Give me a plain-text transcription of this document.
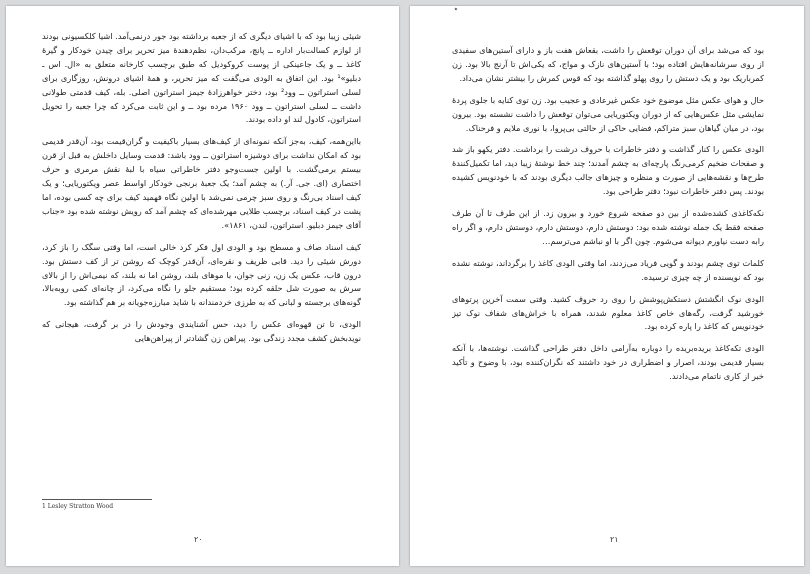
شیئی زیبا بود که با اشیای دیگری که از جعبه برداشته بود جور درنمی‌آمد. اشیا کلکسیونی بودند از لوازم کسالت‌بار اداره ــ پانچ، مرکب‌دان، نظم‌دهندهٔ میز تحریر برای چیدن خودکار و گیرهٔ کاغذ ــ و یک جاعینکی از پوست کروکودیل که طبق برچسب کارخانه متعلق به «ال. اس ـ دبلیو»¹ بود. این اتفاق به الودی می‌گفت که میز تحریر، و همهٔ اشیای درونش، روزگاری برای لسلی استراتون ــ وود² بود، دختر خواهرزادهٔ جیمز استراتون اصلی. بله، کیف قدمتی طولانی داشت ــ لسلی استراتون ــ وود ۱۹۶۰ مرده بود ــ و این ثابت می‌کرد که چرا جعبه را تحویل استراتون، کادول لند او داده بودند.

بااین‌همه، کیف، به‌جز آنکه نمونه‌ای از کیف‌های بسیار باکیفیت و گران‌قیمت بود، آن‌قدر قدیمی بود که امکان نداشت برای دوشیزه استراتون ــ وود باشد: قدمت وسایل داخلش به قبل از قرن بیستم برمی‌گشت. با اولین جست‌وجو دفتر خاطراتی سیاه با لبهٔ نقش مرمری و حرف اختصاری (ای. جی. آر.) به چشم آمد؛ یک جعبهٔ برنجی خودکار اواسط عصر ویکتوریایی؛ و یک کیف اسناد بی‌رنگ و روی سبز چرمی نمی‌شد با اولین نگاه فهمید کیف برای چه کسی بوده، اما پشت در کیف اسناد، برچسب طلایی مهرشده‌ای که چشم آمد که رویش نوشته شده بود «جناب آقای جیمز دبلیو. استراتون، لندن، ۱۸۶۱».

کیف اسناد صاف و مسطح بود و الودی اول فکر کرد خالی است، اما وقتی سگک را باز کرد، دورش شیئی را دید. قابی ظریف و نقره‌ای، آن‌قدر کوچک که روشن تر از کف دستش بود. درون قاب، عکس یک زن، زنی جوان، با موهای بلند، روشن اما نه بلند، که نیمی‌اش را از بالای سرش به صورت شل حلقه کرده بود؛ مستقیم جلو را نگاه می‌کرد، از چانه‌ای کمی رو‌به‌بالا، گونه‌های برجسته و لبانی که به طرزی خردمندانه با شاید مبارزه‌جویانه بر هم گذاشته بود.

الودی، تا تن قهوه‌ای عکس را دید، حس آشنایندی وجودش را در بر گرفت، هیجانی که نویدبخش کشف مجدد زندگی بود. پیراهن زن گشادتر از پیراهن‌هایی

1 Lesley Stratton Wood
۲۰
٭

بود که می‌شد برای آن دوران توقعش را داشت، بقعاش هفت باز و دارای آستین‌های سفیدی از روی سرشانه‌هایش افتاده بود؛ با آستین‌های نازک و مواج، که یکی‌اش تا آرنج بالا بود. زن کمرباریک بود و یک دستش را روی پهلو گذاشته بود که قوس کمرش را بیشتر نشان می‌داد.

حال و هوای عکس مثل موضوع خود عکس غیرعادی و عجیب بود. زن توی کنایه با جلوی پردهٔ نمایشی مثل عکس‌هایی که از دوران ویکتوریایی می‌توان توقعش را داشت نشسته بود. بیرون بود، در میان گیاهان سبز متراکم، فضایی حاکی از حالتی بی‌پروا، با نوری ملایم و فرحناک.

الودی عکس را کنار گذاشت و دفتر خاطرات با حروف درشت را برداشت. دفتر یکهو باز شد و صفحات ضخیم کرمی‌رنگ پارچه‌ای به چشم آمدند؛ چند خط نوشتهٔ زیبا دید، اما تکمیل‌کنندهٔ طرح‌ها و نقشه‌هایی از صورت و منظره و چیزهای جالب دیگری بودند که با خودنویس کشیده بودند. پس دفتر خاطرات نبود؛ دفتر طراحی بود.

نکه‌کاغذی کشده‌شده از بین دو صفحه شروع خورد و بیرون زد. از این طرف تا آن طرف صفحه فقط یک جمله نوشته شده بود: دوستش دارم، دوستش دارم، دوستش دارم، و اگر راه رابه دست نیاورم دیوانه می‌شوم. چون اگر با او نباشم می‌ترسم…

کلمات توی چشم بودند و گویی فریاد می‌زدند، اما وقتی الودی کاغذ را برگرداند، نوشته نشده بود که نویسنده از چه چیزی ترسیده.

الودی نوک انگشتش دستکش‌پوشش را روی رد حروف کشید. وقتی سمت آخرین پرتوهای خورشید گرفت، رگه‌های خاص کاغذ معلوم شدند، همراه با خراش‌های شفاف نوک تیز خودنویس که کاغذ را پاره کرده بود.

الودی تکه‌کاغذ بریده‌بریده را دوباره به‌آرامی داخل دفتر طراحی گذاشت. نوشته‌ها، با آنکه بسیار قدیمی بودند، اصرار و اضطراری در خود داشتند که نگران‌کننده بود، با وضوح و تأکید خبر از کاری ناتمام می‌دادند.

۲۱
